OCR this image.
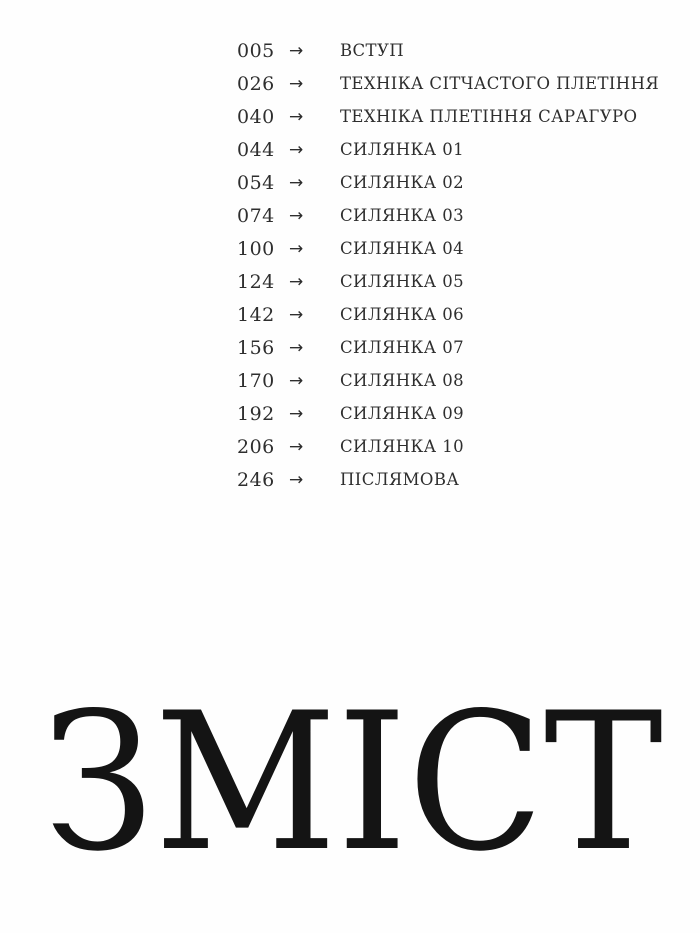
005 →	ВСТУП
026 →	ТЕХНІКА СІТЧАСТОГО ПЛЕТІННЯ
040 →	ТЕХНІКА ПЛЕТІННЯ САРАГУРО
044 →	СИЛЯНКА 01
054 →	СИЛЯНКА 02
074 →	СИЛЯНКА 03
100 →	СИЛЯНКА 04
124 →	СИЛЯНКА 05
142 →	СИЛЯНКА 06
156 →	СИЛЯНКА 07
170 →	СИЛЯНКА 08
192 →	СИЛЯНКА 09
206 →	СИЛЯНКА 10
246 →	ПІСЛЯМОВА
ЗМІСТ
